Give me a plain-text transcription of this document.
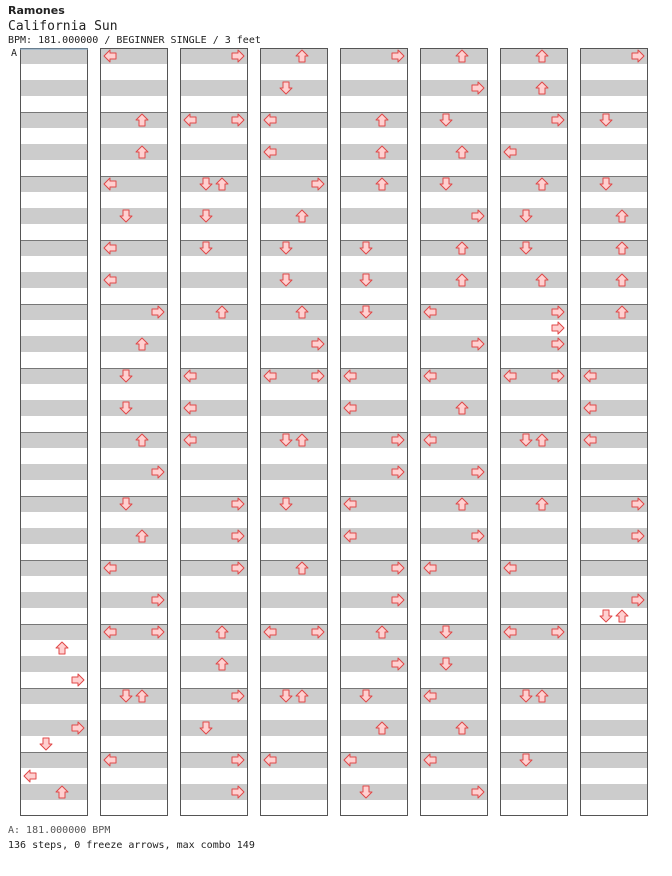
Ramones
California Sun
BPM: 181.000000 / BEGINNER SINGLE / 3 feet
A
A: 181.000000 BPM
136 steps, 0 freeze arrows, max combo 149
